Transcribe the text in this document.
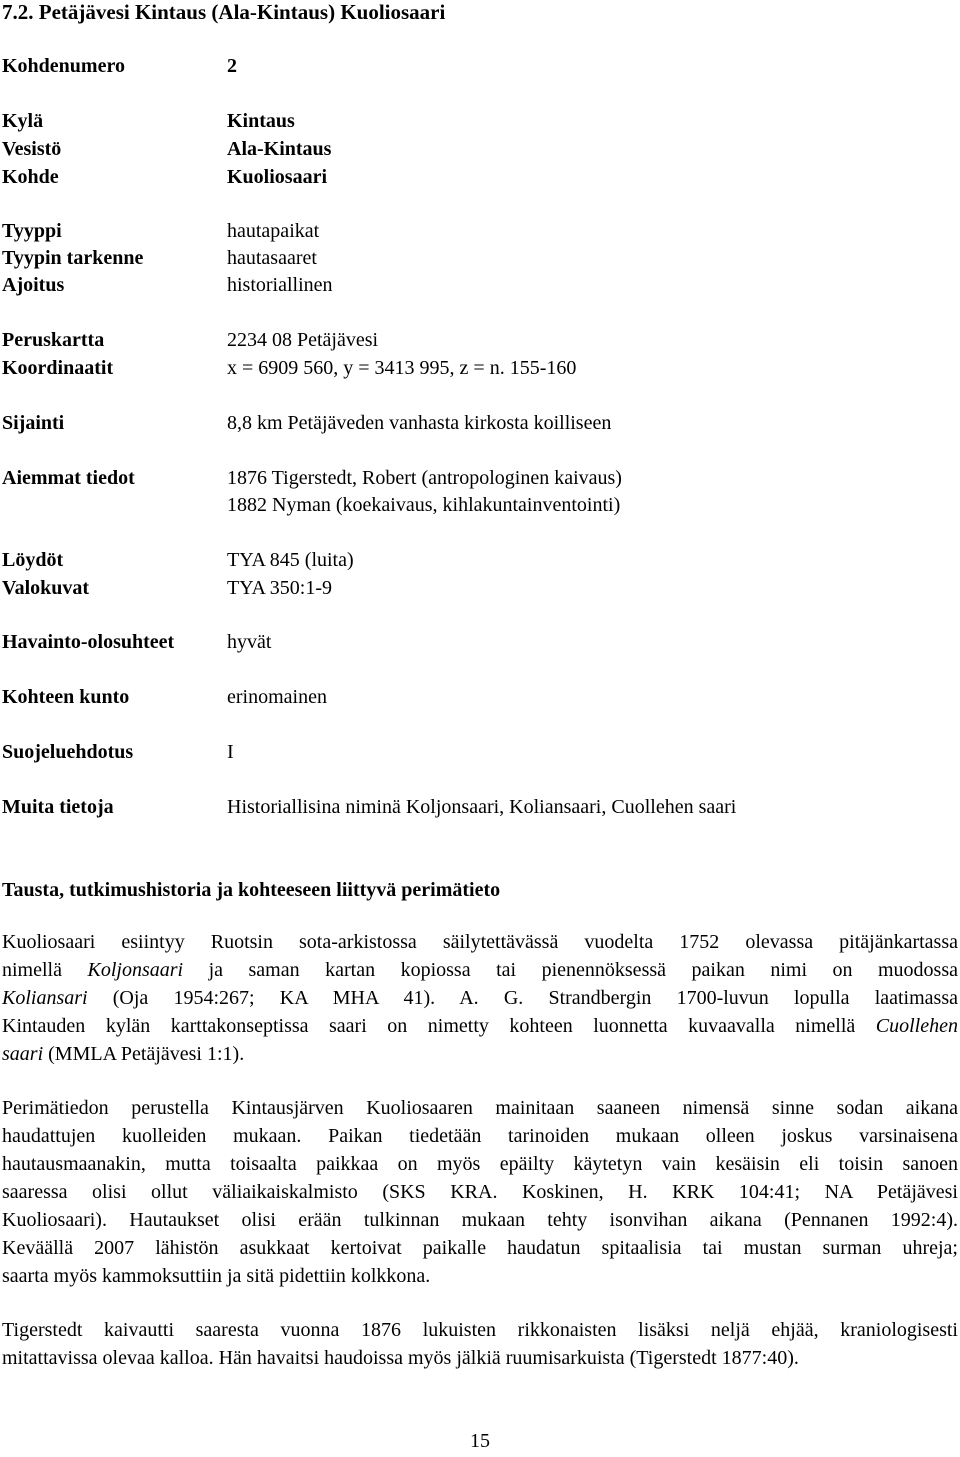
7.2. Petäjävesi Kintaus (Ala-Kintaus) Kuoliosaari
Kohdenumero	2
Kylä	Kintaus
Vesistö	Ala-Kintaus
Kohde	Kuoliosaari
Tyyppi	hautapaikat
Tyypin tarkenne	hautasaaret
Ajoitus	historiallinen
Peruskartta	2234 08 Petäjävesi
Koordinaatit	x = 6909 560, y = 3413 995, z = n. 155-160
Sijainti	8,8 km Petäjäveden vanhasta kirkosta koilliseen
Aiemmat tiedot	1876 Tigerstedt, Robert (antropologinen kaivaus)
1882 Nyman (koekaivaus, kihlakuntainventointi)
Löydöt	TYA 845 (luita)
Valokuvat	TYA 350:1-9
Havainto-olosuhteet	hyvät
Kohteen kunto	erinomainen
Suojeluehdotus	I
Muita tietoja	Historiallisina niminä Koljonsaari, Koliansaari, Cuollehen saari
Tausta, tutkimushistoria ja kohteeseen liittyvä perimätieto
Kuoliosaari esiintyy Ruotsin sota-arkistossa säilytettävässä vuodelta 1752 olevassa pitäjänkartassa
nimellä Koljonsaari ja saman kartan kopiossa tai pienennöksessä paikan nimi on muodossa
Koliansari (Oja 1954:267; KA MHA 41). A. G. Strandbergin 1700-luvun lopulla laatimassa
Kintauden kylän karttakonseptissa saari on nimetty kohteen luonnetta kuvaavalla nimellä Cuollehen
saari (MMLA Petäjävesi 1:1).
Perimätiedon perustella Kintausjärven Kuoliosaaren mainitaan saaneen nimensä sinne sodan aikana
haudattujen kuolleiden mukaan. Paikan tiedetään tarinoiden mukaan olleen joskus varsinaisena
hautausmaanakin, mutta toisaalta paikkaa on myös epäilty käytetyn vain kesäisin eli toisin sanoen
saaressa olisi ollut väliaikaiskalmisto (SKS KRA. Koskinen, H. KRK 104:41; NA Petäjävesi
Kuoliosaari). Hautaukset olisi erään tulkinnan mukaan tehty isonvihan aikana (Pennanen 1992:4).
Keväällä 2007 lähistön asukkaat kertoivat paikalle haudatun spitaalisia tai mustan surman uhreja;
saarta myös kammoksuttiin ja sitä pidettiin kolkkona.
Tigerstedt kaivautti saaresta vuonna 1876 lukuisten rikkonaisten lisäksi neljä ehjää, kraniologisesti
mitattavissa olevaa kalloa. Hän havaitsi haudoissa myös jälkiä ruumisarkuista (Tigerstedt 1877:40).
15
